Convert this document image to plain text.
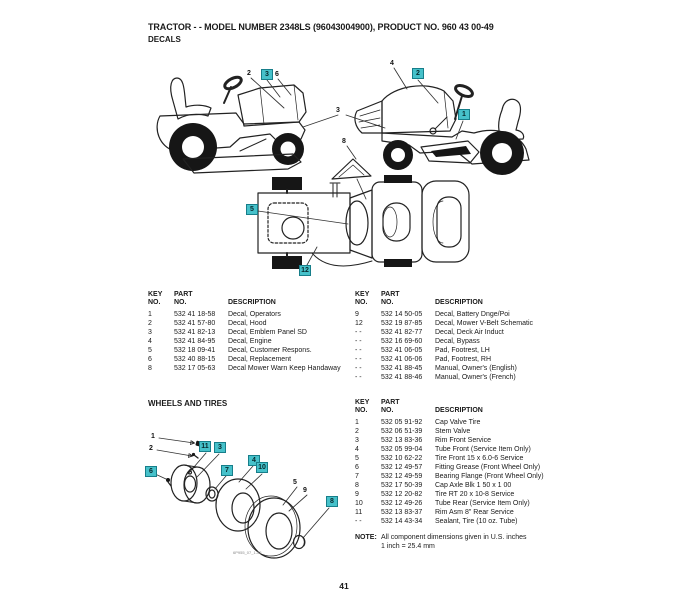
6P955_07_1-52
TRACTOR - - MODEL NUMBER 2348LS (96043004900), PRODUCT NO. 960 43 00-49
DECALS
2	3 6
3
8
4
2
1
5
12
1
2	11	3
6	7
4
10
5
9
8
KEY	PART
NO.	NO.	DESCRIPTION
1	532 41 18-58	Decal, Operators
2	532 41 57-80	Decal, Hood
3	532 41 82-13	Decal, Emblem Panel SD
4	532 41 84-95	Decal, Engine
5	532 18 09-41	Decal, Customer Respons.
6	532 40 88-15	Decal, Replacement
8	532 17 05-63	Decal Mower Warn Keep Handaway
KEY	PART
NO.	NO.	DESCRIPTION
9	532 14 50-05	Decal, Battery Dnge/Poi
12	532 19 87-85	Decal, Mower V-Belt Schematic
- -	532 41 82-77	Decal, Deck Air Induct
- -	532 16 69-60	Decal, Bypass
- -	532 41 06-05	Pad, Footrest, LH
- -	532 41 06-06	Pad, Footrest, RH
- -	532 41 88-45	Manual, Owner's (English)
- -	532 41 88-46	Manual, Owner's (French)
WHEELS AND TIRES	KEY	PART
NO.	NO.	DESCRIPTION
1	532 05 91-92	Cap Valve Tire
2	532 06 51-39	Stem Valve
3	532 13 83-36	Rim Front Service
4	532 05 99-04	Tube Front (Service Item Only)
5	532 10 62-22	Tire Front 15 x 6.0-6 Service
6	532 12 49-57	Fitting Grease (Front Wheel Only)
7	532 12 49-59	Bearing Flange (Front Wheel Only)
8	532 17 50-39	Cap Axle Blk 1 50 x 1 00
9	532 12 20-82	Tire RT 20 x 10-8 Service
10	532 12 49-26	Tube Rear (Service Item Only)
11	532 13 83-37	Rim Asm 8" Rear Service
- -	532 14 43-34	Sealant, Tire (10 oz. Tube)
NOTE: All component dimensions given in U.S. inches
1 inch = 25.4 mm
41
